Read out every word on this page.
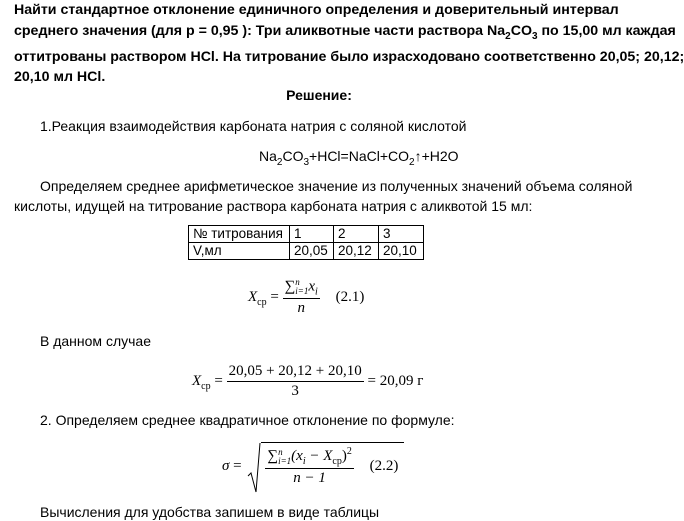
Найти стандартное отклонение единичного определения и доверительный интервал
среднего значения (для р = 0,95 ): Три аликвотные части раствора $Na_2CO_3$ по 15,00 мл каждая
оттитрованы раствором HCl. На титрование было израсходовано соответственно 20,05; 20,12;
20,10 мл HCl.
Решение:
1.Реакция взаимодействия карбоната натрия с соляной кислотой
$Na_2CO_3+HCl=NaCl+CO_2↑+H2O$
Определяем среднее арифметическое значение из полученных значений объема соляной
кислоты, идущей на титрование раствора карбоната натрия с аликвотой 15 мл:
№ титрования	1	2	3
V,мл	20,05	20,12	20,10
$X_{ср}$ = ∑ n
i=1 $x_i$
n (2.1)
В данном случае
$X_{ср} = \frac{20,05 + 20,12 + 20,10}{3} = 20,09$ г
2. Определяем среднее квадратичное отклонение по формуле:
σ = ∑ n
i=1 $(x_i - X_{ср})^2$
n − 1 (2.2)
Вычисления для удобства запишем в виде таблицы
